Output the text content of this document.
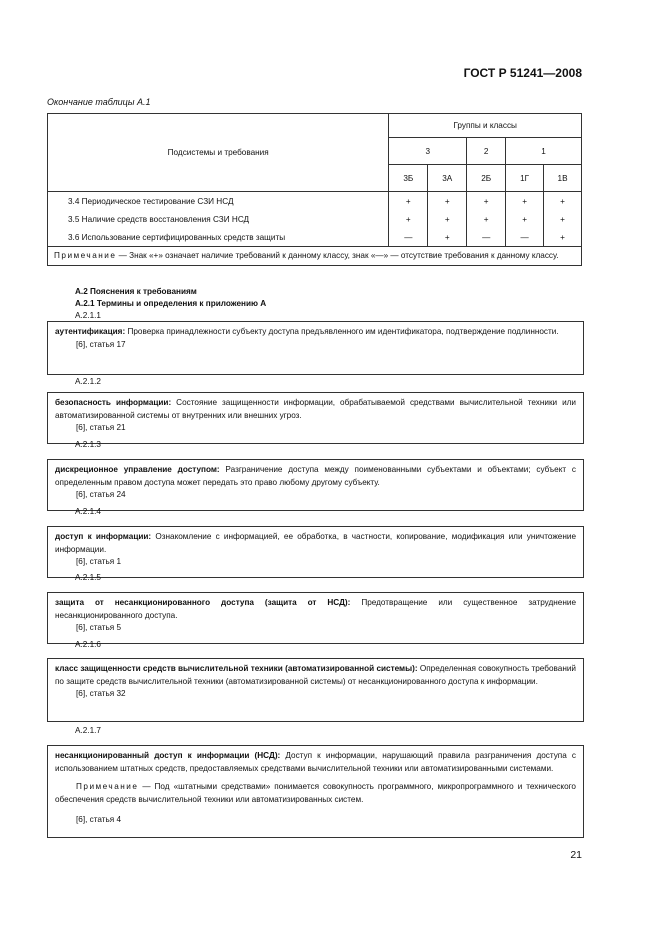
ГОСТ Р 51241—2008
Окончание таблицы А.1
Подсистемы и требования	Группы и классы				
	3		2	1	
	3Б	3А	2Б	1Г	1В
3.4 Периодическое тестирование СЗИ НСД	+	+	+	+	+
3.5 Наличие средств восстановления СЗИ НСД	+	+	+	+	+
3.6 Использование сертифицированных средств защиты	—	+	—	—	+
Примечание — Знак «+» означает наличие требований к данному классу, знак «—» — отсутствие требования к данному классу.					
А.2 Пояснения к требованиям
А.2.1 Термины и определения к приложению А
А.2.1.1
аутентификация: Проверка принадлежности субъекту доступа предъявленного им идентификатора, подтверждение подлинности.
[6], статья 17
А.2.1.2
безопасность информации: Состояние защищенности информации, обрабатываемой средствами вычислительной техники или автоматизированной системы от внутренних или внешних угроз.
[6], статья 21
А.2.1.3
дискреционное управление доступом: Разграничение доступа между поименованными субъектами и объектами; субъект с определенным правом доступа может передать это право любому другому субъекту.
[6], статья 24
А.2.1.4
доступ к информации: Ознакомление с информацией, ее обработка, в частности, копирование, модификация или уничтожение информации.
[6], статья 1
А.2.1.5
защита от несанкционированного доступа (защита от НСД): Предотвращение или существенное затруднение несанкционированного доступа.
[6], статья 5
А.2.1.6
класс защищенности средств вычислительной техники (автоматизированной системы): Определенная совокупность требований по защите средств вычислительной техники (автоматизированной системы) от несанкционированного доступа к информации.
[6], статья 32
А.2.1.7
несанкционированный доступ к информации (НСД): Доступ к информации, нарушающий правила разграничения доступа с использованием штатных средств, предоставляемых средствами вычислительной техники или автоматизированными системами.
Примечание — Под «штатными средствами» понимается совокупность программного, микропрограммного и технического обеспечения средств вычислительной техники или автоматизированных систем.
[6], статья 4
21
